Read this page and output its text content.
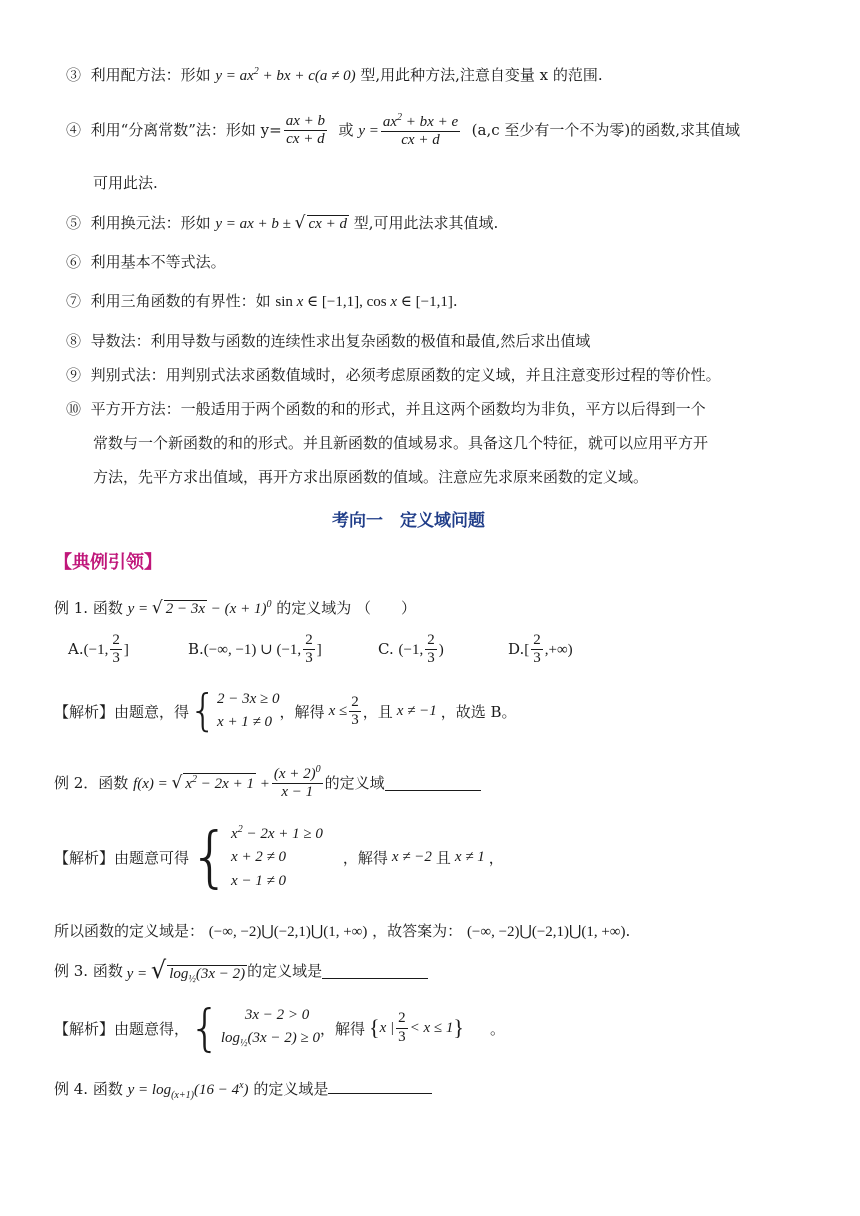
③ 利用配方法：形如 $y = ax^2$ + bx + c(a ≠ 0) 型,用此种方法,注意自变量 x 的范围.
④ 利用“分离常数”法：形如 $y= \frac{ax + b}{cx + d}$ 或 $y = \frac{ax^2 + bx + e}{cx + d} (a,c$ 至少有一个不为零)的函数,求其值域
可用此法.
⑤ 利用换元法：形如 y = ax + b ± √ cx + d 型,可用此法求其值域.
⑥ 利用基本不等式法。
⑦ 利用三角函数的有界性：如 sin x ∈ [−1,1], cos x ∈ [−1,1].
⑧ 导数法：利用导数与函数的连续性求出复杂函数的极值和最值,然后求出值域
⑨ 判别式法：用判别式法求函数值域时，必须考虑原函数的定义域，并且注意变形过程的等价性。
⑩ 平方开方法：一般适用于两个函数的和的形式，并且这两个函数均为非负，平方以后得到一个
常数与一个新函数的和的形式。并且新函数的值域易求。具备这几个特征，就可以应用平方开
方法，先平方求出值域，再开方求出原函数的值域。注意应先求原来函数的定义域。
考向一　定义域问题
【典例引领】
例 1. 函数 y = √ $2 - 3x - (x + 1)^0$ 的定义域为 （　　）
A.(−1, $\frac{2}{3}$ ]	B.(−∞, −1) ∪ (−1, $\frac{2}{3}$ ]	C. (−1, $\frac{2}{3}$ )	$D.[ \frac{2}{3}$ ,+∞)
【解析】 由题意，得 { 2 − 3x ≥ 0
x + 1 ≠ 0
，解得 $x \le \frac{2}{3}$ ，且 x ≠ −1 ，故选 B。
例 2．函数
f(x) = √ $x^2 - 2x + 1 + \frac{(x + 2)^0}{x - 1}$ 的定义域
【解析】 由题意可得 { $x^2 - 2x + 1 \ge 0$
x + 2 ≠ 0
x − 1 ≠ 0
，解得 x ≠ −2 且 x ≠ 1 ，
所以函数的定义域是： (−∞, −2)⋃(−2,1)⋃(1, +∞) ，故答案为： (−∞, −2)⋃(−2,1)⋃(1, +∞).
例 3. 函数 y = √ $\log_{\frac{1}{2}}(3x - 2)$ 的定义域是
【解析】 由题意得， {	3x − 2 > 0
$\log_{\frac{1}{2}}(3x - 2) \ge 0$
，解得 { x | $\frac{2}{3} < x \le 1$ } 。
例 4. 函数 $y = \log_{(x+1)}(16 - 4^x)$ 的定义域是
